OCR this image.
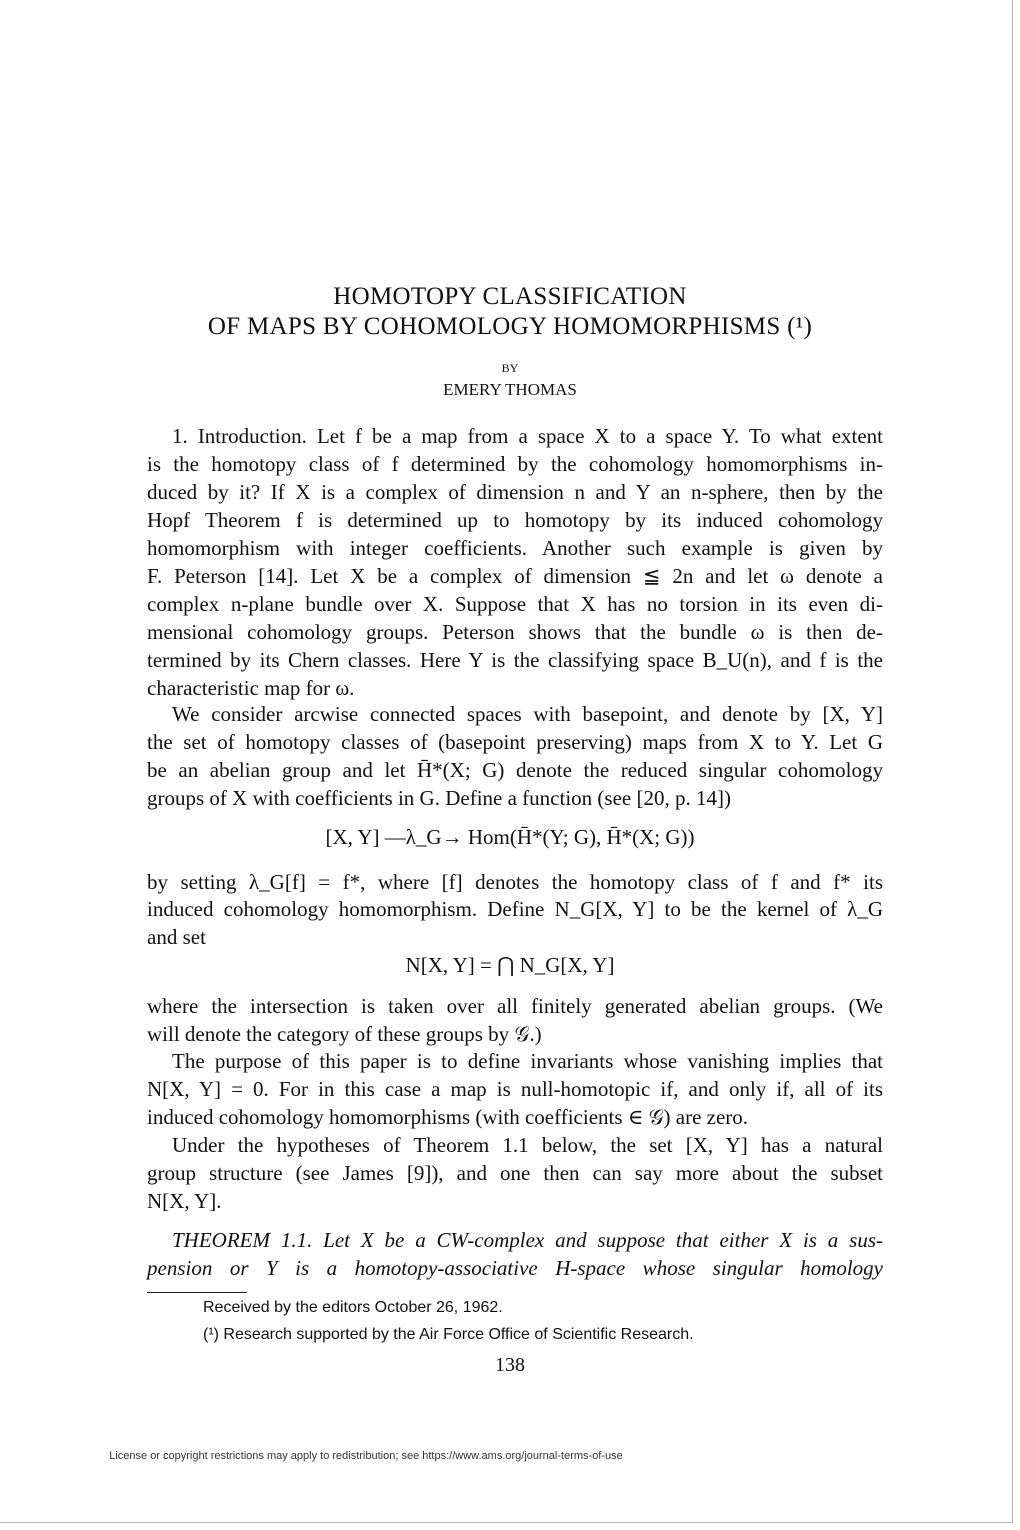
HOMOTOPY CLASSIFICATION
OF MAPS BY COHOMOLOGY HOMOMORPHISMS (¹)
BY
EMERY THOMAS
1. Introduction. Let f be a map from a space X to a space Y. To what extent
is the homotopy class of f determined by the cohomology homomorphisms in-
duced by it? If X is a complex of dimension n and Y an n-sphere, then by the
Hopf Theorem f is determined up to homotopy by its induced cohomology
homomorphism with integer coefficients. Another such example is given by
F. Peterson [14]. Let X be a complex of dimension ≦ 2n and let ω denote a
complex n-plane bundle over X. Suppose that X has no torsion in its even di-
mensional cohomology groups. Peterson shows that the bundle ω is then de-
termined by its Chern classes. Here Y is the classifying space B_U(n), and f is the
characteristic map for ω.
We consider arcwise connected spaces with basepoint, and denote by [X, Y]
the set of homotopy classes of (basepoint preserving) maps from X to Y. Let G
be an abelian group and let H̄*(X; G) denote the reduced singular cohomology
groups of X with coefficients in G. Define a function (see [20, p. 14])
[X, Y] —λ_G→ Hom(H̄*(Y; G), H̄*(X; G))
by setting λ_G[f] = f*, where [f] denotes the homotopy class of f and f* its
induced cohomology homomorphism. Define N_G[X, Y] to be the kernel of λ_G
and set
N[X, Y] = ⋂ N_G[X, Y]
where the intersection is taken over all finitely generated abelian groups. (We
will denote the category of these groups by 𝒢.)
The purpose of this paper is to define invariants whose vanishing implies that
N[X, Y] = 0. For in this case a map is null-homotopic if, and only if, all of its
induced cohomology homomorphisms (with coefficients ∈ 𝒢) are zero.
Under the hypotheses of Theorem 1.1 below, the set [X, Y] has a natural
group structure (see James [9]), and one then can say more about the subset
N[X, Y].
THEOREM 1.1. Let X be a CW-complex and suppose that either X is a sus-
pension or Y is a homotopy-associative H-space whose singular homology
Received by the editors October 26, 1962.
(¹) Research supported by the Air Force Office of Scientific Research.
138
License or copyright restrictions may apply to redistribution; see https://www.ams.org/journal-terms-of-use
